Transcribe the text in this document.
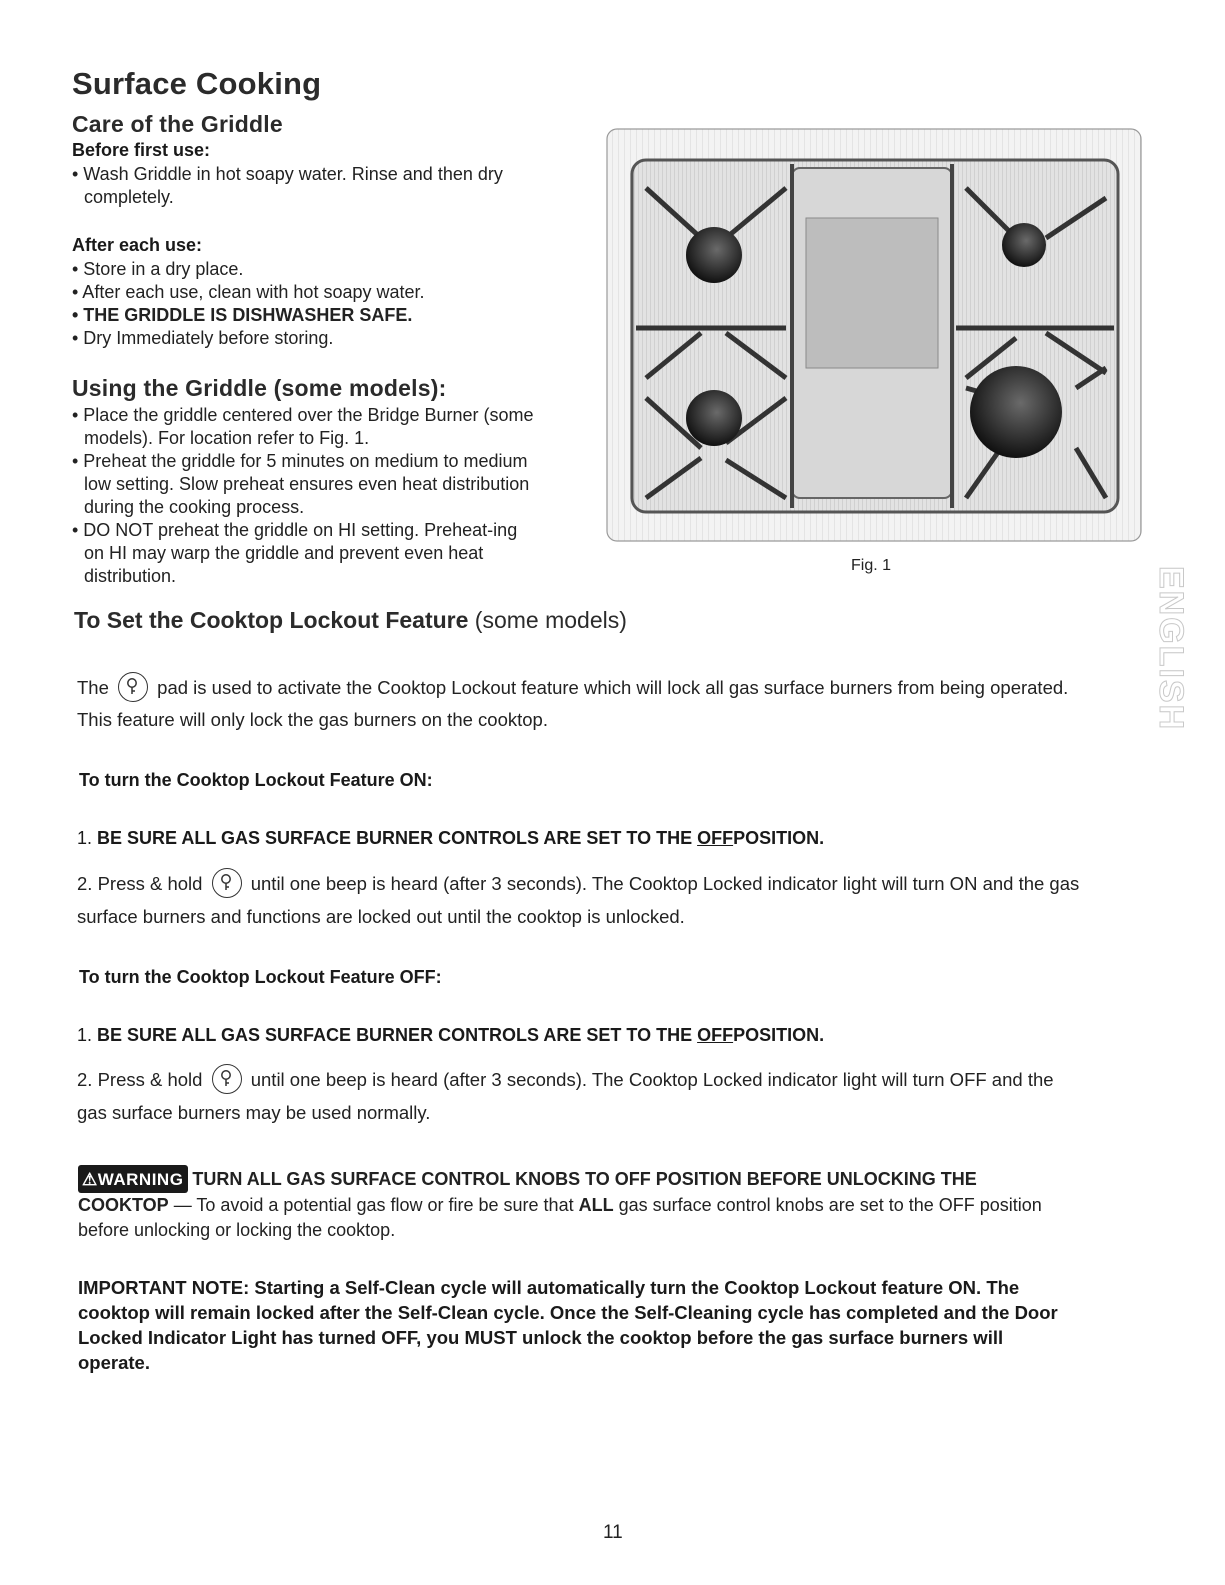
Surface Cooking
Care of the Griddle
Before first use:
• Wash Griddle in hot soapy water. Rinse and then dry completely.
After each use:
• Store in a dry place.
• After each use, clean with hot soapy water.
• THE GRIDDLE IS DISHWASHER SAFE.
• Dry Immediately before storing.
Using the Griddle (some models):
• Place the griddle centered over the Bridge Burner (some models). For location refer to Fig. 1.
• Preheat the griddle for 5 minutes on medium to medium low setting. Slow preheat ensures even heat distribution during the cooking process.
• DO NOT preheat the griddle on HI setting. Preheat-ing on HI may warp the griddle and prevent even heat distribution.
Fig. 1
ENGLISH
To Set the Cooktop Lockout Feature (some models)
The	pad is used to activate the Cooktop Lockout feature which will lock all gas surface burners from being operated.
This feature will only lock the gas burners on the cooktop.
To turn the Cooktop Lockout Feature ON:
1. BE SURE ALL GAS SURFACE BURNER CONTROLS ARE SET TO THE OFFPOSITION.
2. Press & hold	until one beep is heard (after 3 seconds). The Cooktop Locked indicator light will turn ON and the gas
surface burners and functions are locked out until the cooktop is unlocked.
To turn the Cooktop Lockout Feature OFF:
1. BE SURE ALL GAS SURFACE BURNER CONTROLS ARE SET TO THE OFFPOSITION.
2. Press & hold	until one beep is heard (after 3 seconds). The Cooktop Locked indicator light will turn OFF and the
gas surface burners may be used normally.
⚠WARNING TURN ALL GAS SURFACE CONTROL KNOBS TO OFF POSITION BEFORE UNLOCKING THE
COOKTOP — To avoid a potential gas flow or fire be sure that ALL gas surface control knobs are set to the OFF position
before unlocking or locking the cooktop.
IMPORTANT NOTE: Starting a Self-Clean cycle will automatically turn the Cooktop Lockout feature ON. The
cooktop will remain locked after the Self-Clean cycle. Once the Self-Cleaning cycle has completed and the Door
Locked Indicator Light has turned OFF, you MUST unlock the cooktop before the gas surface burners will
operate.
11
